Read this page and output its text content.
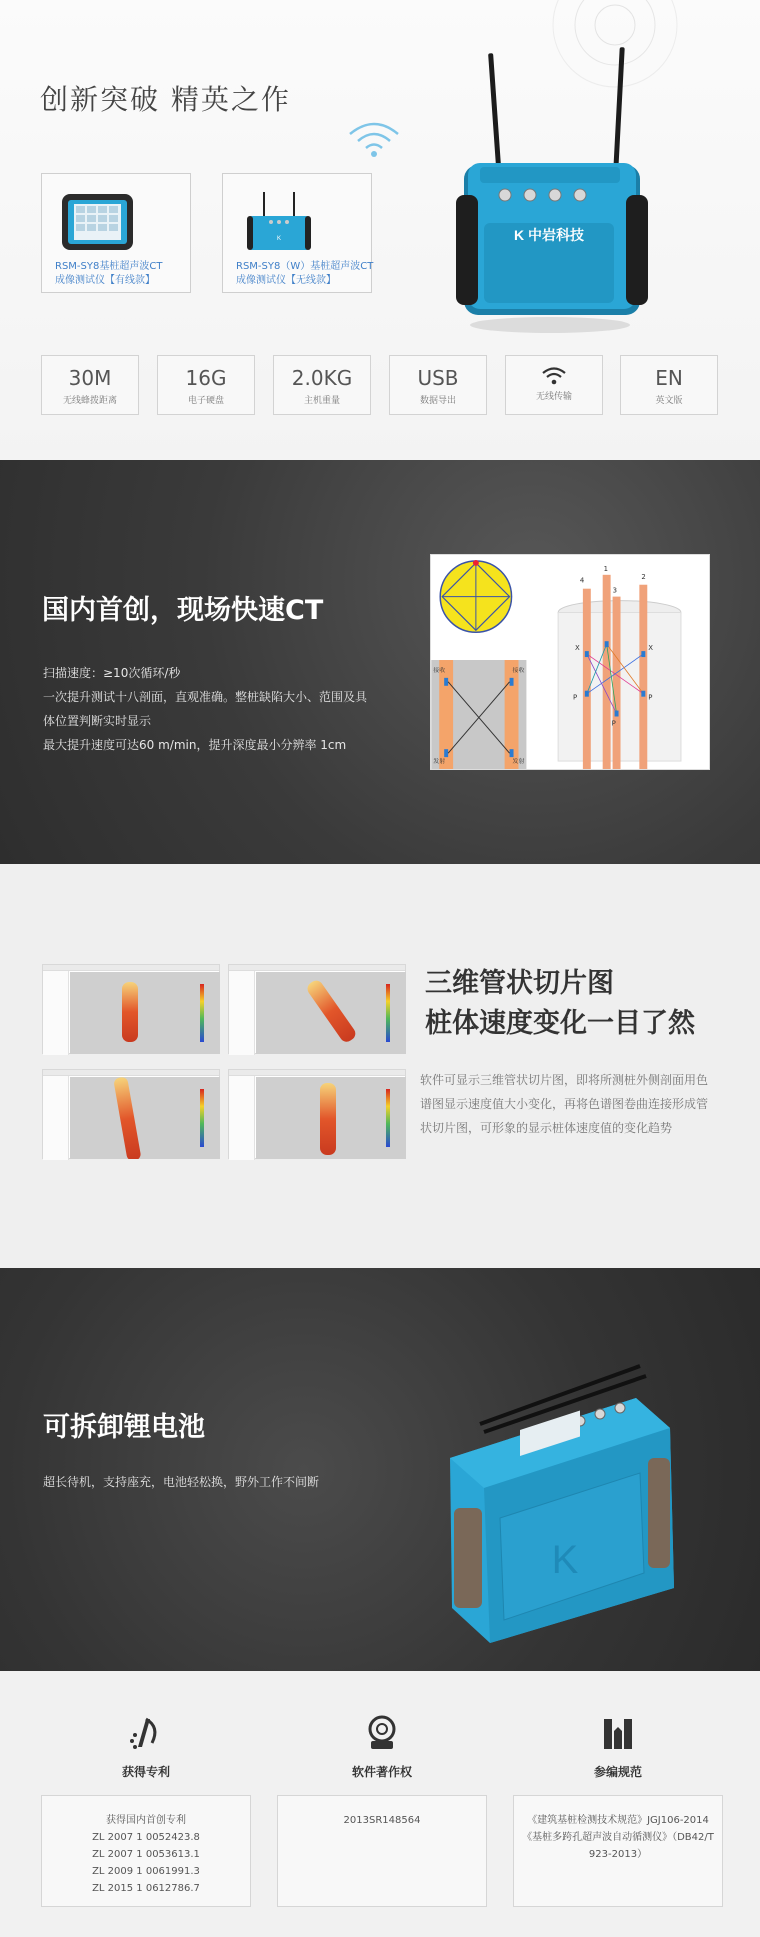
创新突破 精英之作
RSM-SY8基桩超声波CT
成像测试仪【有线款】
K
RSM-SY8（W）基桩超声波CT
成像测试仪【无线款】
K 中岩科技
30M
无线蜂拨距离
16G
电子硬盘
2.0KG
主机重量
USB
数据导出	无线传输
EN
英文版
国内首创，现场快速CT
扫描速度：≥10次循环/秒
一次提升测试十八剖面，直观准确。整桩缺陷大小、范围及具
体位置判断实时显示
最大提升速度可达60 m/min，提升深度最小分辨率 1cm
接收	接收
发射	发射
4
1
3
2
X	X
P	P
P
三维管状切片图
桩体速度变化一目了然

软件可显示三维管状切片图，即将所测桩外侧剖面用色谱图显示速度值大小变化，再将色谱图卷曲连接形成管状切片图，可形象的显示桩体速度值的变化趋势

可拆卸锂电池

超长待机，支持座充，电池轻松换，野外工作不间断

K
获得专利
获得国内首创专利
ZL 2007 1 0052423.8
ZL 2007 1 0053613.1
ZL 2009 1 0061991.3
ZL 2015 1 0612786.7
软件著作权
2013SR148564
参编规范
《建筑基桩检测技术规范》JGJ106-2014
《基桩多跨孔超声波自动循测仪》（DB42/T
923-2013）
